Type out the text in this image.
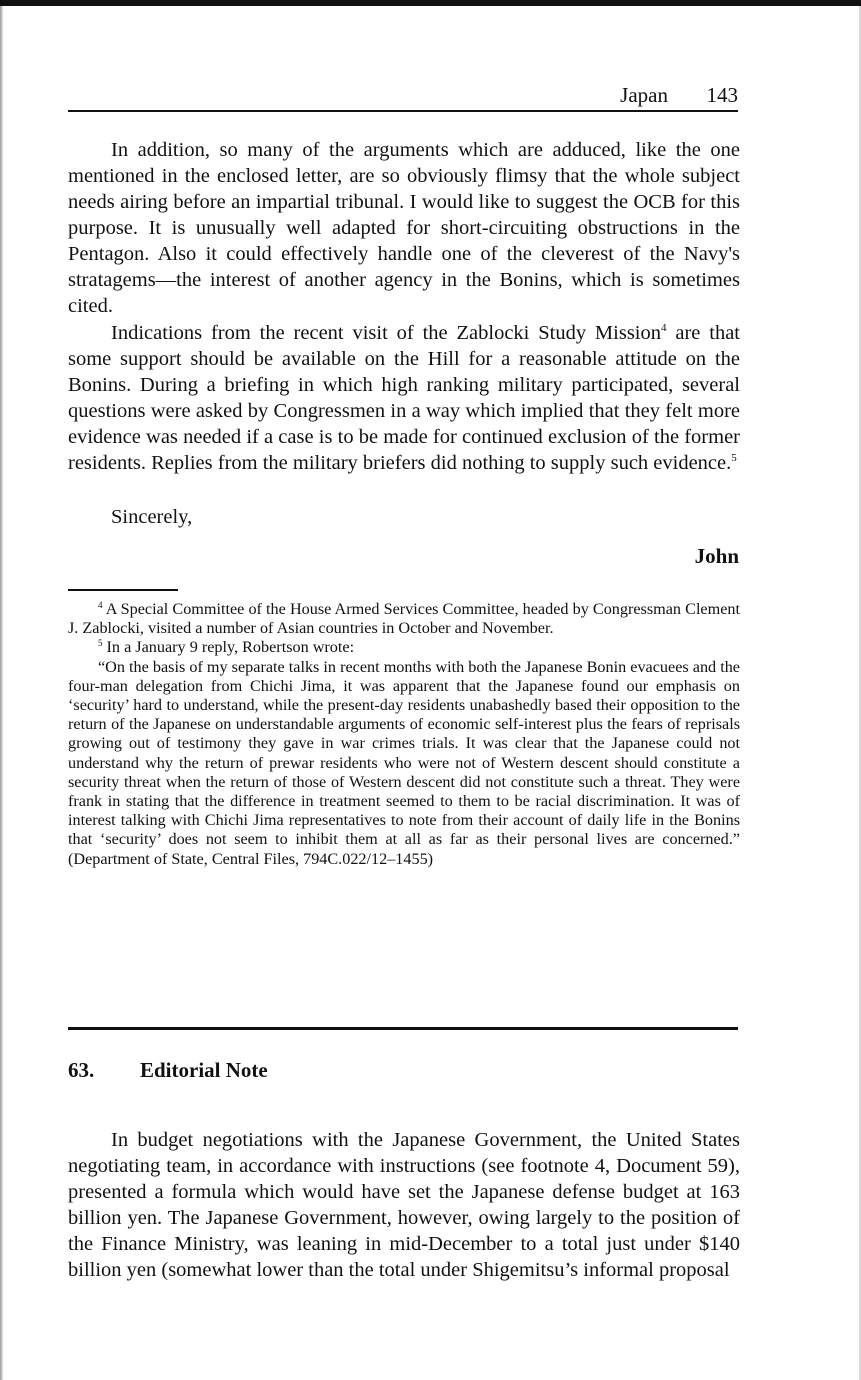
Japan 143

In addition, so many of the arguments which are adduced, like the one mentioned in the enclosed letter, are so obviously flimsy that the whole subject needs airing before an impartial tribunal. I would like to suggest the OCB for this purpose. It is unusually well adapted for short-circuiting obstructions in the Pentagon. Also it could effectively handle one of the cleverest of the Navy's stratagems—the interest of another agency in the Bonins, which is sometimes cited.

Indications from the recent visit of the Zablocki Study Mission$^4$ are that some support should be available on the Hill for a reasonable attitude on the Bonins. During a briefing in which high ranking military participated, several questions were asked by Congressmen in a way which implied that they felt more evidence was needed if a case is to be made for continued exclusion of the former residents. Replies from the military briefers did nothing to supply such evidence.$^5$

Sincerely,

John

$^4$ A Special Committee of the House Armed Services Committee, headed by Congressman Clement J. Zablocki, visited a number of Asian countries in October and November.

$^5$ In a January 9 reply, Robertson wrote:

“On the basis of my separate talks in recent months with both the Japanese Bonin evacuees and the four-man delegation from Chichi Jima, it was apparent that the Japanese found our emphasis on ‘security’ hard to understand, while the present-day residents unabashedly based their opposition to the return of the Japanese on understandable arguments of economic self-interest plus the fears of reprisals growing out of testimony they gave in war crimes trials. It was clear that the Japanese could not understand why the return of prewar residents who were not of Western descent should constitute a security threat when the return of those of Western descent did not constitute such a threat. They were frank in stating that the difference in treatment seemed to them to be racial discrimination. It was of interest talking with Chichi Jima representatives to note from their account of daily life in the Bonins that ‘security’ does not seem to inhibit them at all as far as their personal lives are concerned.” (Department of State, Central Files, 794C.022/12–1455)

63. Editorial Note

In budget negotiations with the Japanese Government, the United States negotiating team, in accordance with instructions (see footnote 4, Document 59), presented a formula which would have set the Japanese defense budget at 163 billion yen. The Japanese Government, however, owing largely to the position of the Finance Ministry, was leaning in mid-December to a total just under $140 billion yen (somewhat lower than the total under Shigemitsu’s informal proposal
